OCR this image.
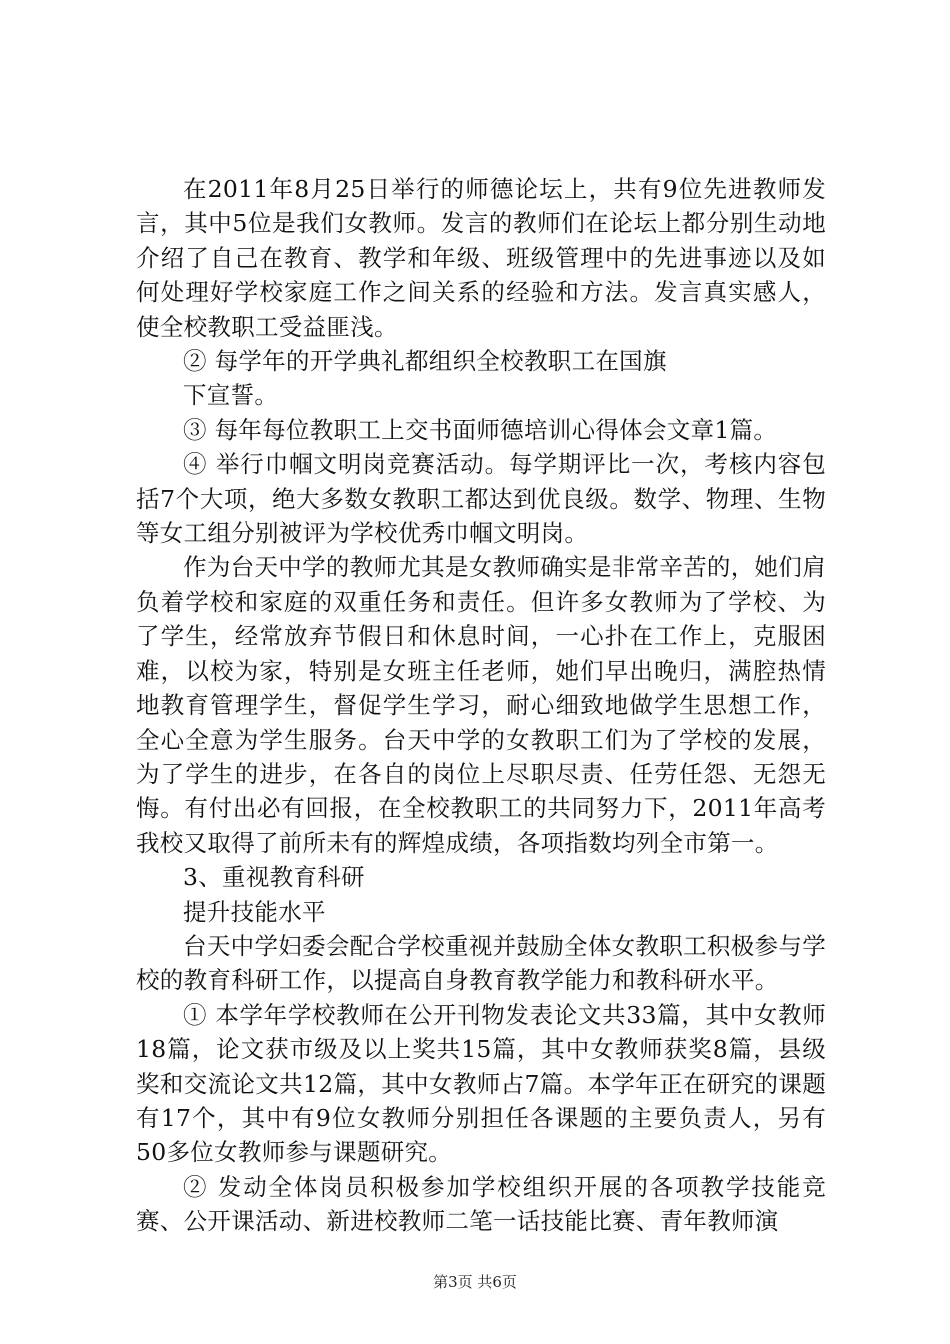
在2011年8月25日举行的师德论坛上，共有9位先进教师发言，其中5位是我们女教师。发言的教师们在论坛上都分别生动地介绍了自己在教育、教学和年级、班级管理中的先进事迹以及如何处理好学校家庭工作之间关系的经验和方法。发言真实感人，使全校教职工受益匪浅。

② 每学年的开学典礼都组织全校教职工在国旗

下宣誓。

③ 每年每位教职工上交书面师德培训心得体会文章1篇。

④ 举行巾帼文明岗竞赛活动。每学期评比一次，考核内容包括7个大项，绝大多数女教职工都达到优良级。数学、物理、生物等女工组分别被评为学校优秀巾帼文明岗。

作为台天中学的教师尤其是女教师确实是非常辛苦的，她们肩负着学校和家庭的双重任务和责任。但许多女教师为了学校、为了学生，经常放弃节假日和休息时间，一心扑在工作上，克服困难，以校为家，特别是女班主任老师，她们早出晚归，满腔热情地教育管理学生，督促学生学习，耐心细致地做学生思想工作，全心全意为学生服务。台天中学的女教职工们为了学校的发展，为了学生的进步，在各自的岗位上尽职尽责、任劳任怨、无怨无悔。有付出必有回报，在全校教职工的共同努力下，2011年高考我校又取得了前所未有的辉煌成绩，各项指数均列全市第一。

3、重视教育科研

提升技能水平

台天中学妇委会配合学校重视并鼓励全体女教职工积极参与学校的教育科研工作，以提高自身教育教学能力和教科研水平。

① 本学年学校教师在公开刊物发表论文共33篇，其中女教师18篇，论文获市级及以上奖共15篇，其中女教师获奖8篇，县级奖和交流论文共12篇，其中女教师占7篇。本学年正在研究的课题有17个，其中有9位女教师分别担任各课题的主要负责人，另有50多位女教师参与课题研究。

② 发动全体岗员积极参加学校组织开展的各项教学技能竞赛、公开课活动、新进校教师二笔一话技能比赛、青年教师演

第3页 共6页
